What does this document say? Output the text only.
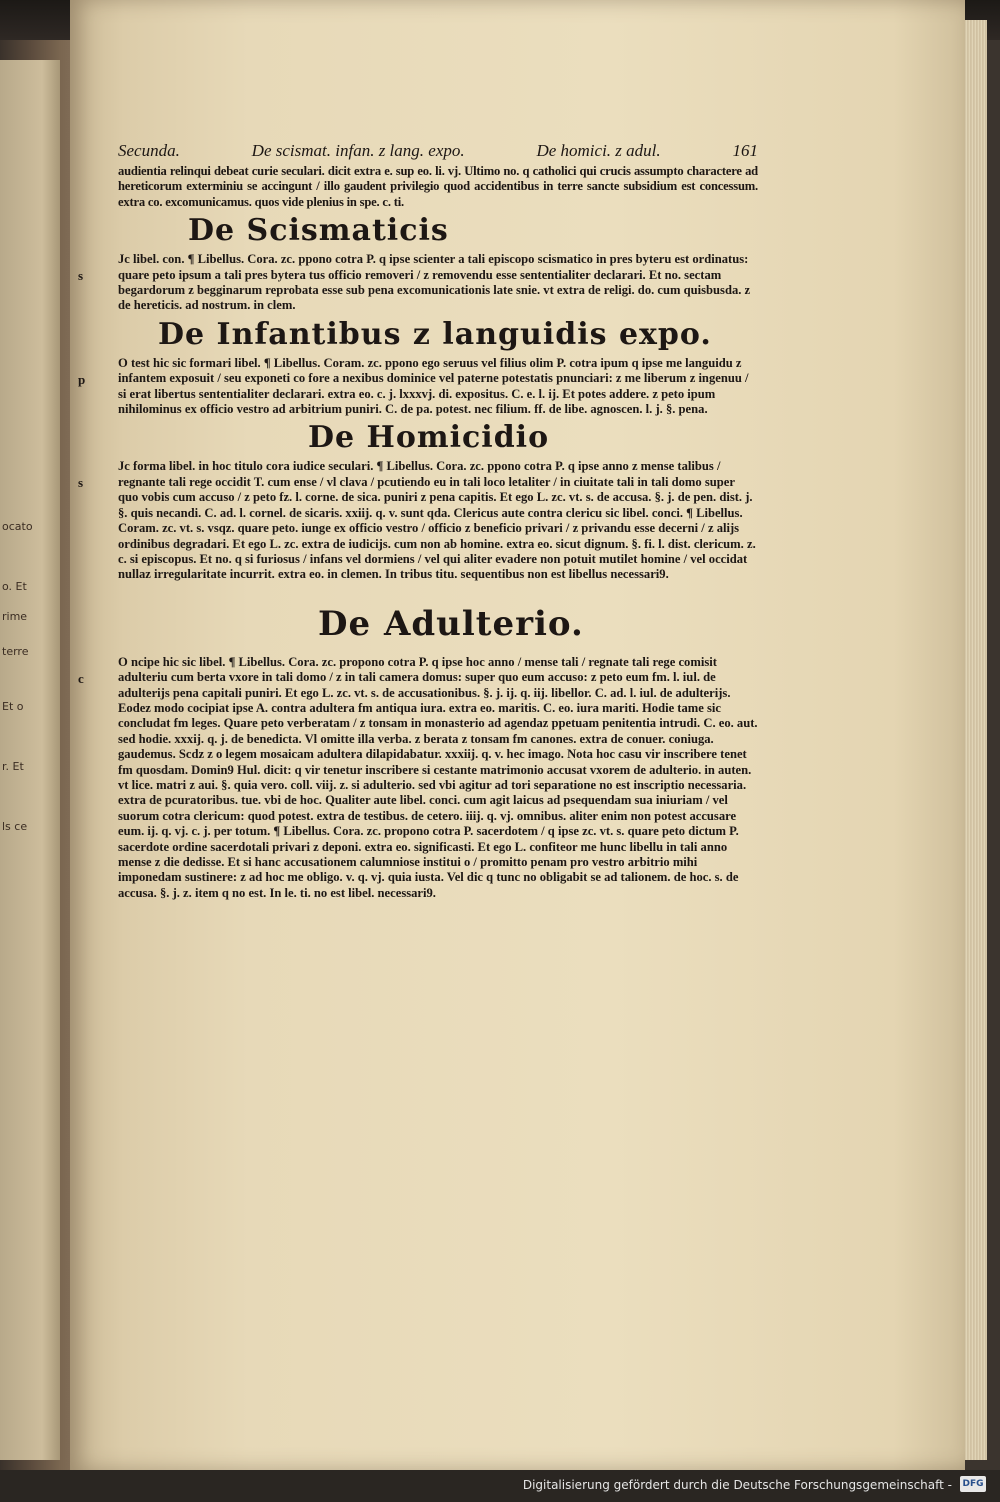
ocato
o. Et
rime
terre
Et o
r. Et
ls ce
Secunda.	De scismat. infan. z lang. expo.	De homici. z adul.	161
audientia relinqui debeat curie seculari. dicit extra e. sup eo. li. vj. Ultimo no. q catholici qui crucis assumpto charactere ad hereticorum exterminiu se accingunt / illo gaudent privilegio quod accidentibus in terre sancte subsidium est concessum. extra co. excomunicamus. quos vide plenius in spe. c. ti.
De Scismaticis
s
Jc libel. con. ¶ Libellus. Cora. zc. ppono cotra P. q ipse scienter a tali episcopo scismatico in pres byteru est ordinatus: quare peto ipsum a tali pres bytera tus officio removeri / z removendu esse sententialiter declarari. Et no. sectam begardorum z begginarum reprobata esse sub pena excomunicationis late snie. vt extra de religi. do. cum quisbusda. z de hereticis. ad nostrum. in clem.
De Infantibus z languidis expo.
p
O test hic sic formari libel. ¶ Libellus. Coram. zc. ppono ego seruus vel filius olim P. cotra ipum q ipse me languidu z infantem exposuit / seu exponeti co fore a nexibus dominice vel paterne potestatis pnunciari: z me liberum z ingenuu / si erat libertus sententialiter declarari. extra eo. c. j. lxxxvj. di. expositus. C. e. l. ij. Et potes addere. z peto ipum nihilominus ex officio vestro ad arbitrium puniri. C. de pa. potest. nec filium. ff. de libe. agnoscen. l. j. §. pena.
De Homicidio
s
Jc forma libel. in hoc titulo cora iudice seculari. ¶ Libellus. Cora. zc. ppono cotra P. q ipse anno z mense talibus / regnante tali rege occidit T. cum ense / vl clava / pcutiendo eu in tali loco letaliter / in ciuitate tali in tali domo super quo vobis cum accuso / z peto fz. l. corne. de sica. puniri z pena capitis. Et ego L. zc. vt. s. de accusa. §. j. de pen. dist. j. §. quis necandi. C. ad. l. cornel. de sicaris. xxiij. q. v. sunt qda. Clericus aute contra clericu sic libel. conci. ¶ Libellus. Coram. zc. vt. s. vsqz. quare peto. iunge ex officio vestro / officio z beneficio privari / z privandu esse decerni / z alijs ordinibus degradari. Et ego L. zc. extra de iudicijs. cum non ab homine. extra eo. sicut dignum. §. fi. l. dist. clericum. z. c. si episcopus. Et no. q si furiosus / infans vel dormiens / vel qui aliter evadere non potuit mutilet homine / vel occidat nullaz irregularitate incurrit. extra eo. in clemen. In tribus titu. sequentibus non est libellus necessari9.
De Adulterio.
c
O ncipe hic sic libel. ¶ Libellus. Cora. zc. propono cotra P. q ipse hoc anno / mense tali / regnate tali rege comisit adulteriu cum berta vxore in tali domo / z in tali camera domus: super quo eum accuso: z peto eum fm. l. iul. de adulterijs pena capitali puniri. Et ego L. zc. vt. s. de accusationibus. §. j. ij. q. iij. libellor. C. ad. l. iul. de adulterijs. Eodez modo cocipiat ipse A. contra adultera fm antiqua iura. extra eo. maritis. C. eo. iura mariti. Hodie tame sic concludat fm leges. Quare peto verberatam / z tonsam in monasterio ad agendaz ppetuam penitentia intrudi. C. eo. aut. sed hodie. xxxij. q. j. de benedicta. Vl omitte illa verba. z berata z tonsam fm canones. extra de conuer. coniuga. gaudemus. Scdz z o legem mosaicam adultera dilapidabatur. xxxiij. q. v. hec imago. Nota hoc casu vir inscribere tenet fm quosdam. Domin9 Hul. dicit: q vir tenetur inscribere si cestante matrimonio accusat vxorem de adulterio. in auten. vt lice. matri z aui. §. quia vero. coll. viij. z. si adulterio. sed vbi agitur ad tori separatione no est inscriptio necessaria. extra de pcuratoribus. tue. vbi de hoc. Qualiter aute libel. conci. cum agit laicus ad psequendam sua iniuriam / vel suorum cotra clericum: quod potest. extra de testibus. de cetero. iiij. q. vj. omnibus. aliter enim non potest accusare eum. ij. q. vj. c. j. per totum. ¶ Libellus. Cora. zc. propono cotra P. sacerdotem / q ipse zc. vt. s. quare peto dictum P. sacerdote ordine sacerdotali privari z deponi. extra eo. significasti. Et ego L. confiteor me hunc libellu in tali anno mense z die dedisse. Et si hanc accusationem calumniose institui o / promitto penam pro vestro arbitrio mihi imponedam sustinere: z ad hoc me obligo. v. q. vj. quia iusta. Vel dic q tunc no obligabit se ad talionem. de hoc. s. de accusa. §. j. z. item q no est. In le. ti. no est libel. necessari9.
Digitalisierung gefördert durch die Deutsche Forschungsgemeinschaft - DFG
